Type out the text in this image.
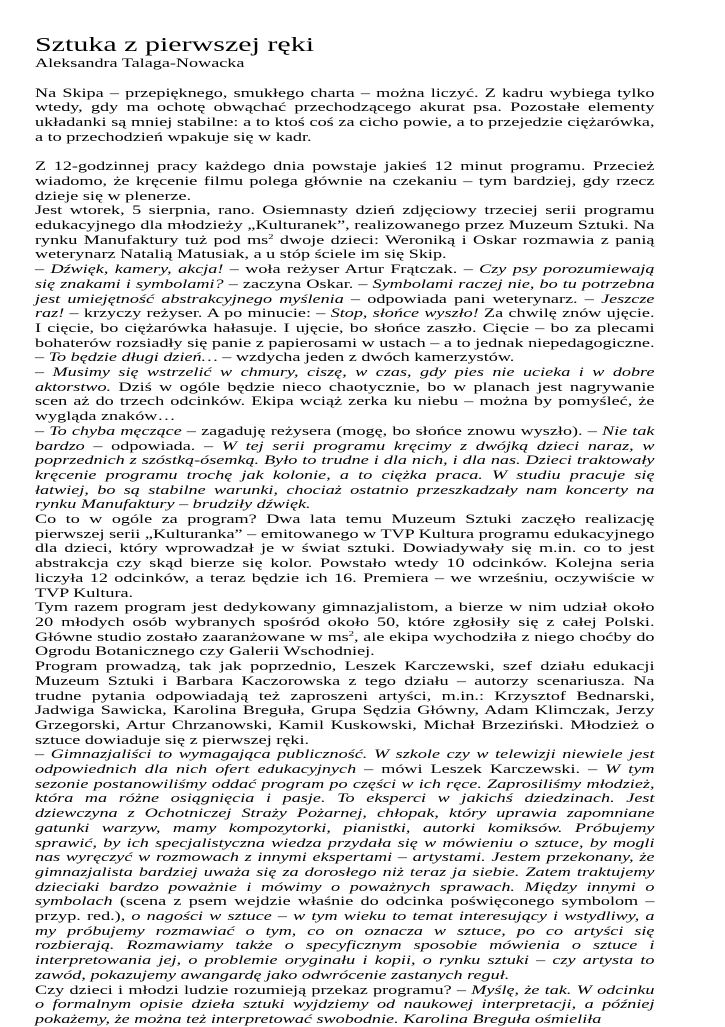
Sztuka z pierwszej ręki

Aleksandra Talaga-Nowacka

Na Skipa – przepięknego, smukłego charta – można liczyć. Z kadru wybiega tylko wtedy, gdy ma ochotę obwąchać przechodzącego akurat psa. Pozostałe elementy układanki są mniej stabilne: a to ktoś coś za cicho powie, a to przejedzie ciężarówka, a to przechodzień wpakuje się w kadr.

Z 12-godzinnej pracy każdego dnia powstaje jakieś 12 minut programu. Przecież wiadomo, że kręcenie filmu polega głównie na czekaniu – tym bardziej, gdy rzecz dzieje się w plenerze.

Jest wtorek, 5 sierpnia, rano. Osiemnasty dzień zdjęciowy trzeciej serii programu edukacyjnego dla młodzieży „Kulturanek”, realizowanego przez Muzeum Sztuki. Na rynku Manufaktury tuż pod $ms^2$ dwoje dzieci: Weroniką i Oskar rozmawia z panią weterynarz Natalią Matusiak, a u stóp ściele im się Skip.

– Dźwięk, kamery, akcja! – woła reżyser Artur Frątczak. – Czy psy porozumiewają się znakami i symbolami? – zaczyna Oskar. – Symbolami raczej nie, bo tu potrzebna jest umiejętność abstrakcyjnego myślenia – odpowiada pani weterynarz. – Jeszcze raz! – krzyczy reżyser. A po minucie: – Stop, słońce wyszło! Za chwilę znów ujęcie. I cięcie, bo ciężarówka hałasuje. I ujęcie, bo słońce zaszło. Cięcie – bo za plecami bohaterów rozsiadły się panie z papierosami w ustach – a to jednak niepedagogiczne. – To będzie długi dzień… – wzdycha jeden z dwóch kamerzystów.

– Musimy się wstrzelić w chmury, ciszę, w czas, gdy pies nie ucieka i w dobre aktorstwo. Dziś w ogóle będzie nieco chaotycznie, bo w planach jest nagrywanie scen aż do trzech odcinków. Ekipa wciąż zerka ku niebu – można by pomyśleć, że wygląda znaków…

– To chyba męczące – zagaduję reżysera (mogę, bo słońce znowu wyszło). – Nie tak bardzo – odpowiada. – W tej serii programu kręcimy z dwójką dzieci naraz, w poprzednich z szóstką-ósemką. Było to trudne i dla nich, i dla nas. Dzieci traktowały kręcenie programu trochę jak kolonie, a to ciężka praca. W studiu pracuje się łatwiej, bo są stabilne warunki, chociaż ostatnio przeszkadzały nam koncerty na rynku Manufaktury – brudziły dźwięk.

Co to w ogóle za program? Dwa lata temu Muzeum Sztuki zaczęło realizację pierwszej serii „Kulturanka” – emitowanego w TVP Kultura programu edukacyjnego dla dzieci, który wprowadzał je w świat sztuki. Dowiadywały się m.in. co to jest abstrakcja czy skąd bierze się kolor. Powstało wtedy 10 odcinków. Kolejna seria liczyła 12 odcinków, a teraz będzie ich 16. Premiera – we wrześniu, oczywiście w TVP Kultura.

Tym razem program jest dedykowany gimnazjalistom, a bierze w nim udział około 20 młodych osób wybranych spośród około 50, które zgłosiły się z całej Polski. Główne studio zostało zaaranżowane w $ms^2$, ale ekipa wychodziła z niego choćby do Ogrodu Botanicznego czy Galerii Wschodniej.

Program prowadzą, tak jak poprzednio, Leszek Karczewski, szef działu edukacji Muzeum Sztuki i Barbara Kaczorowska z tego działu – autorzy scenariusza. Na trudne pytania odpowiadają też zaproszeni artyści, m.in.: Krzysztof Bednarski, Jadwiga Sawicka, Karolina Breguła, Grupa Sędzia Główny, Adam Klimczak, Jerzy Grzegorski, Artur Chrzanowski, Kamil Kuskowski, Michał Brzeziński. Młodzież o sztuce dowiaduje się z pierwszej ręki.

– Gimnazjaliści to wymagająca publiczność. W szkole czy w telewizji niewiele jest odpowiednich dla nich ofert edukacyjnych – mówi Leszek Karczewski. – W tym sezonie postanowiliśmy oddać program po części w ich ręce. Zaprosiliśmy młodzież, która ma różne osiągnięcia i pasje. To eksperci w jakichś dziedzinach. Jest dziewczyna z Ochotniczej Straży Pożarnej, chłopak, który uprawia zapomniane gatunki warzyw, mamy kompozytorki, pianistki, autorki komiksów. Próbujemy sprawić, by ich specjalistyczna wiedza przydała się w mówieniu o sztuce, by mogli nas wyręczyć w rozmowach z innymi ekspertami – artystami. Jestem przekonany, że gimnazjalista bardziej uważa się za dorosłego niż teraz ja siebie. Zatem traktujemy dzieciaki bardzo poważnie i mówimy o poważnych sprawach. Między innymi o symbolach (scena z psem wejdzie właśnie do odcinka poświęconego symbolom – przyp. red.), o nagości w sztuce – w tym wieku to temat interesujący i wstydliwy, a my próbujemy rozmawiać o tym, co on oznacza w sztuce, po co artyści się rozbierają. Rozmawiamy także o specyficznym sposobie mówienia o sztuce i interpretowania jej, o problemie oryginału i kopii, o rynku sztuki – czy artysta to zawód, pokazujemy awangardę jako odwrócenie zastanych reguł.

Czy dzieci i młodzi ludzie rozumieją przekaz programu? – Myślę, że tak. W odcinku o formalnym opisie dzieła sztuki wyjdziemy od naukowej interpretacji, a później pokażemy, że można też interpretować swobodnie. Karolina Breguła ośmieliła
